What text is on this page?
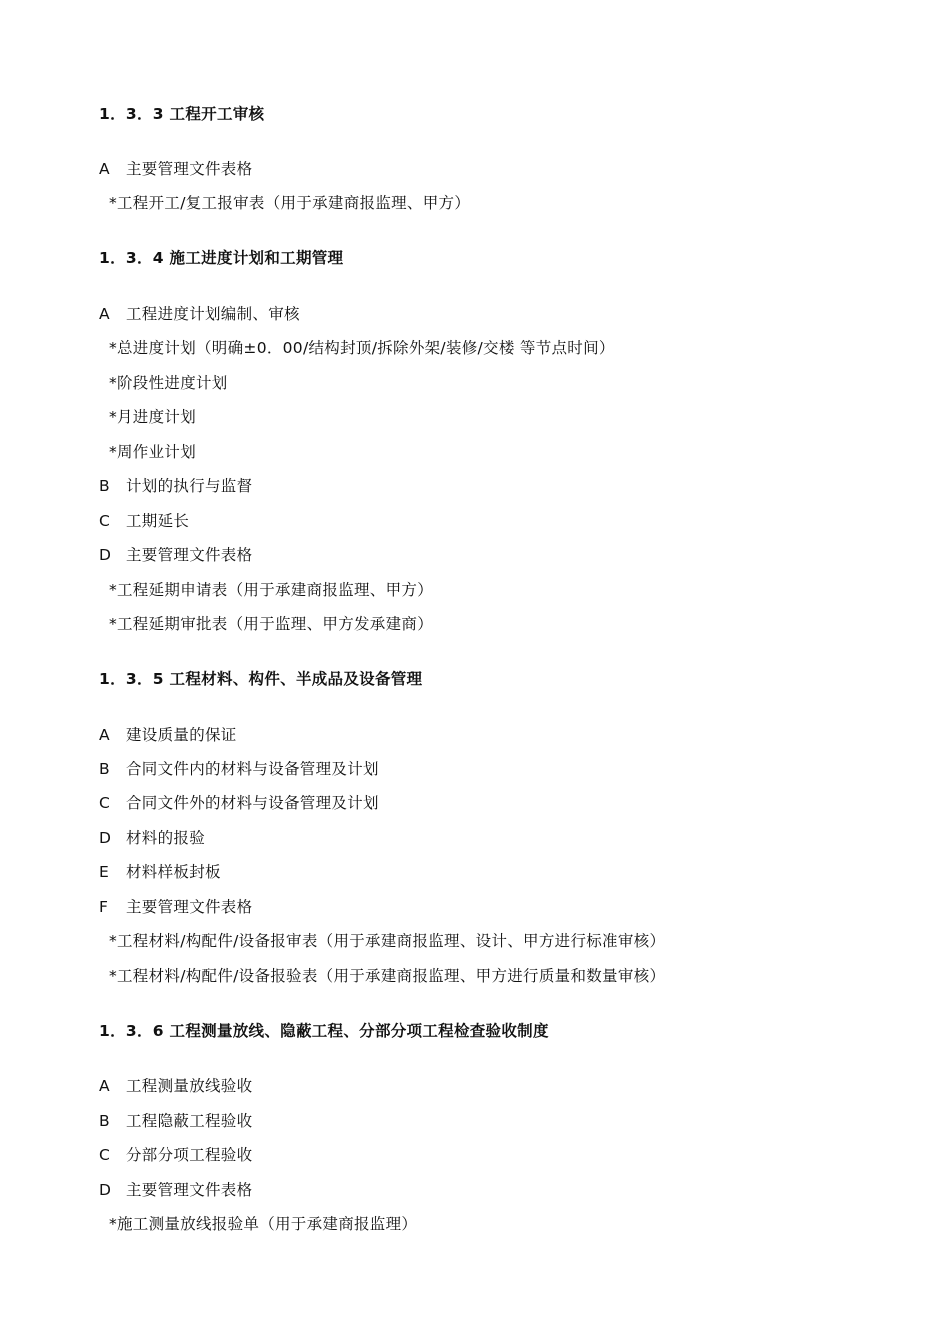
1．3．3 工程开工审核
A 主要管理文件表格
*工程开工/复工报审表（用于承建商报监理、甲方）
1．3．4 施工进度计划和工期管理
A 工程进度计划编制、审核
*总进度计划（明确±0．00/结构封顶/拆除外架/装修/交楼 等节点时间）
*阶段性进度计划
*月进度计划
*周作业计划
B 计划的执行与监督
C 工期延长
D 主要管理文件表格
*工程延期申请表（用于承建商报监理、甲方）
*工程延期审批表（用于监理、甲方发承建商）
1．3．5 工程材料、构件、半成品及设备管理
A 建设质量的保证
B 合同文件内的材料与设备管理及计划
C 合同文件外的材料与设备管理及计划
D 材料的报验
E 材料样板封板
F 主要管理文件表格
*工程材料/构配件/设备报审表（用于承建商报监理、设计、甲方进行标准审核）
*工程材料/构配件/设备报验表（用于承建商报监理、甲方进行质量和数量审核）
1．3．6 工程测量放线、隐蔽工程、分部分项工程检查验收制度
A 工程测量放线验收
B 工程隐蔽工程验收
C 分部分项工程验收
D 主要管理文件表格
*施工测量放线报验单（用于承建商报监理）
